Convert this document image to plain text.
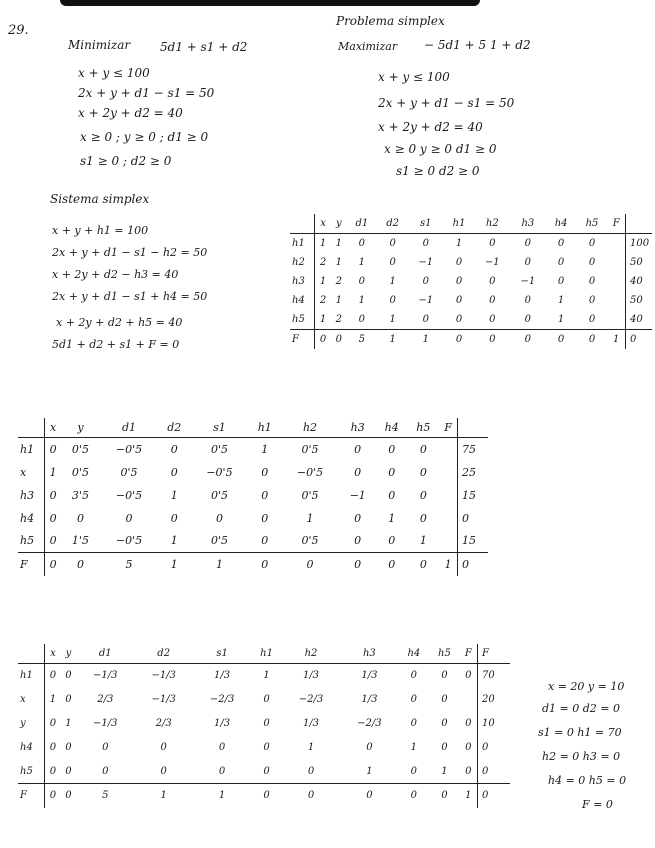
29.
Minimizar 5d1 + s1 + d2
x + y ≤ 100
2x + y + d1 − s1 = 50
x + 2y + d2 = 40
x ≥ 0 ; y ≥ 0 ; d1 ≥ 0
s1 ≥ 0 ; d2 ≥ 0
Sistema simplex
x + y + h1 = 100
2x + y + d1 − s1 − h2 = 50
x + 2y + d2 − h3 = 40
2x + y + d1 − s1 + h4 = 50
x + 2y + d2 + h5 = 40
5d1 + d2 + s1 + F = 0
Problema simplex
Maximizar − 5d1 + 5 1 + d2
x + y ≤ 100
2x + y + d1 − s1 = 50
x + 2y + d2 = 40
x ≥ 0 y ≥ 0 d1 ≥ 0
s1 ≥ 0 d2 ≥ 0
	x	y	d1	d2	s1	h1	h2	h3	h4	h5	F	
h1	1	1	0	0	0	1	0	0	0	0		100
h2	2	1	1	0	−1	0	−1	0	0	0		50
h3	1	2	0	1	0	0	0	−1	0	0		40
h4	2	1	1	0	−1	0	0	0	1	0		50
h5	1	2	0	1	0	0	0	0	1	0		40
F	0	0	5	1	1	0	0	0	0	0	1	0
	x	y	d1	d2	s1	h1	h2	h3	h4	h5	F	
h1	0	0'5	−0'5	0	0'5	1	0'5	0	0	0		75
x	1	0'5	0'5	0	−0'5	0	−0'5	0	0	0		25
h3	0	3'5	−0'5	1	0'5	0	0'5	−1	0	0		15
h4	0	0	0	0	0	0	1	0	1	0		0
h5	0	1'5	−0'5	1	0'5	0	0'5	0	0	1		15
F	0	0	5	1	1	0	0	0	0	0	1	0
	x	y	d1	d2	s1	h1	h2	h3	h4	h5	F	F
h1	0	0	−1/3	−1/3	1/3	1	1/3	1/3	0	0	0	70
x	1	0	2/3	−1/3	−2/3	0	−2/3	1/3	0	0		20
y	0	1	−1/3	2/3	1/3	0	1/3	−2/3	0	0	0	10
h4	0	0	0	0	0	0	1	0	1	0	0	0
h5	0	0	0	0	0	0	0	1	0	1	0	0
F	0	0	5	1	1	0	0	0	0	0	1	0
x = 20 y = 10
d1 = 0 d2 = 0
s1 = 0 h1 = 70
h2 = 0 h3 = 0
h4 = 0 h5 = 0
F = 0
